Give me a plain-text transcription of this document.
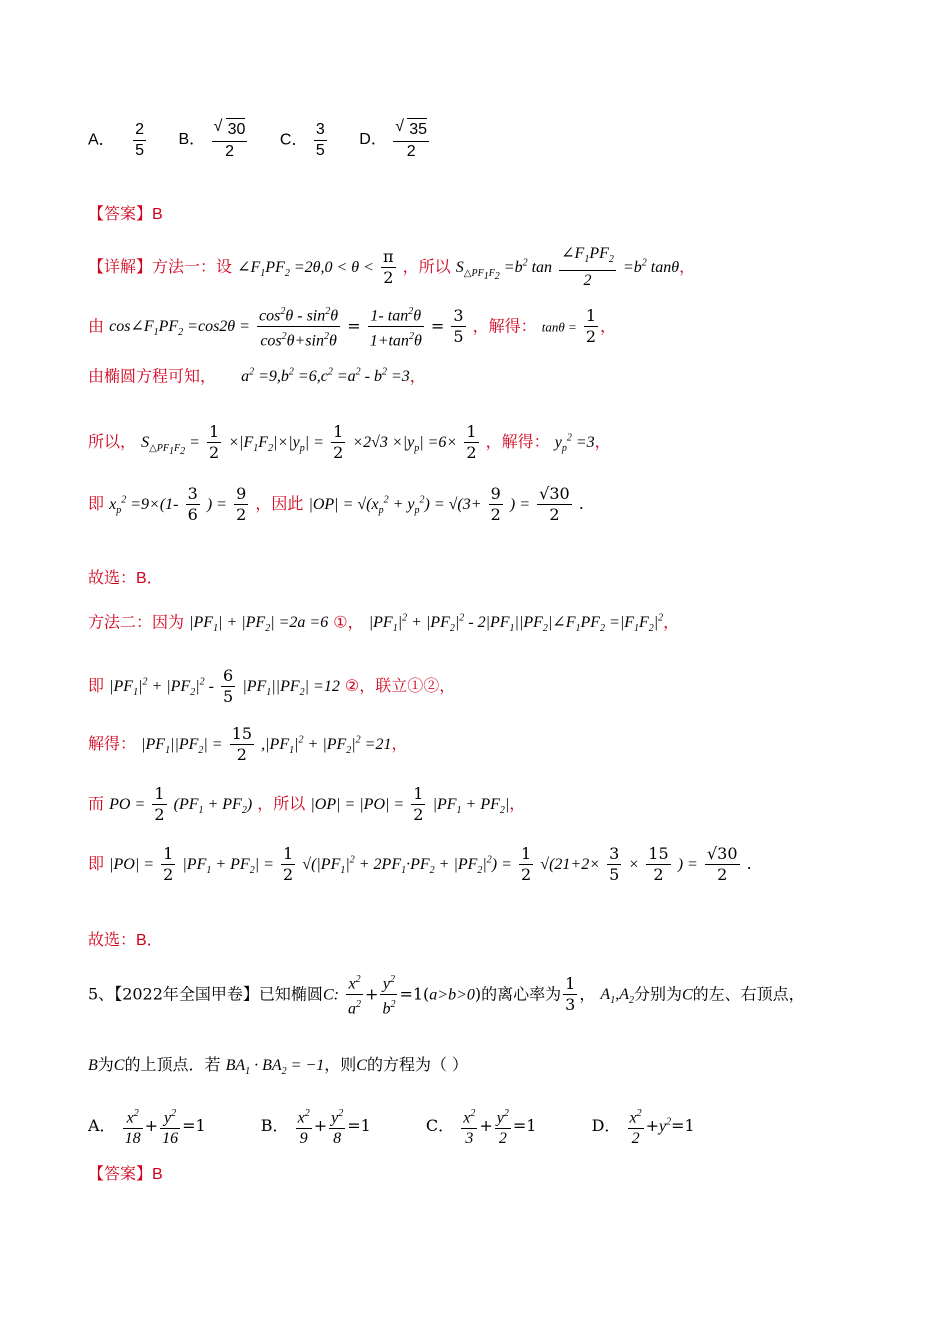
A． $\frac{2}{5}$ B． √ $\frac{30}{2}$ C． $\frac{3}{5}$ D． √ $\frac{35}{2}$
【答案】B
【详解】方法一：设 $\angle F_1PF_2 =2\theta,0 < \theta < \frac{\pi}{2}$ ，所以 $S_{\triangle PF_1F_2} =b^2$ $\tan \frac{\angle F_1PF_2}{2} =b^2$ tanθ，
由 $\cos\angle F_1PF_2 =\cos 2\theta = \frac{\cos^2\theta - \sin^2\theta}{\cos^2\theta+\sin^2\theta} = \frac{1- \tan^2\theta}{1+\tan^2\theta} = \frac{3}{5}$ ，解得： $\tan\theta = \frac{1}{2}$ ，
由椭圆方程可知， $a^2 =9,b^2 =6,c^2 =a^2 - b^2 =3$，
所以， $S_{\triangle PF_1F_2} = \frac{1}{2} \times|F_1F_2|\times|y_p| = \frac{1}{2} \times 2√3 \times|y_p| =6\times \frac{1}{2}$ ，解得： $y_p^2 =3$，
即 $x_p^2 =9\times(1- \frac{3}{6}$ ) = $\frac{9}{2}$ ，因此 $|OP| = √(x_p^2 + y_p^2) = √(3+ \frac{9}{2}$ ) = $\frac{√30}{2}$ .
故选：B．
方法二：因为 $|PF_1| + |PF_2| =2a =6$ ①， $|PF_1|^2 + |PF_2|^2$ - $2|PF_1||PF_2|\angle F_1PF_2 =|F_1F_2|^2$，
即 $|PF_1|^2 + |PF_2|^2 - \frac{6}{5} |PF_1||PF_2| =12$ ②，联立①②，
解得： $|PF_1||PF_2| = \frac{15}{2} ,|PF_1|^2 + |PF_2|^2 =21$，
而 PO = $\frac{1}{2} (PF_1 + PF_2)$ ，所以 $|OP| = |PO| = \frac{1}{2} |PF_1 + PF_2|$，
即 $|PO| = \frac{1}{2} |PF_1 + PF_2| = \frac{1}{2} √(|PF_1|^2 + 2PF_1\cdot PF_2 + |PF_2|^2) = \frac{1}{2} √(21+2\times \frac{3}{5} \times \frac{15}{2}$ ) = $\frac{√30}{2}$ .
故选：B．
5、【2022年全国甲卷】已知椭圆C: $\frac{x^2}{a^2} + \frac{y^2}{b^2} =1(a>b>0)$的离心率为 $\frac{1}{3}$ ， $A_1,A_2$分别为C的左、右顶点，
B为C的上顶点．若 $BA_1 \cdot BA_2 = -1$，则C的方程为（ ）
A． $\frac{x^2}{18} + \frac{y^2}{16} =1$	B． $\frac{x^2}{9} + \frac{y^2}{8} =1$	C． $\frac{x^2}{3} + \frac{y^2}{2} =1$	D． $\frac{x^2}{2} +y^2=1$
【答案】B
